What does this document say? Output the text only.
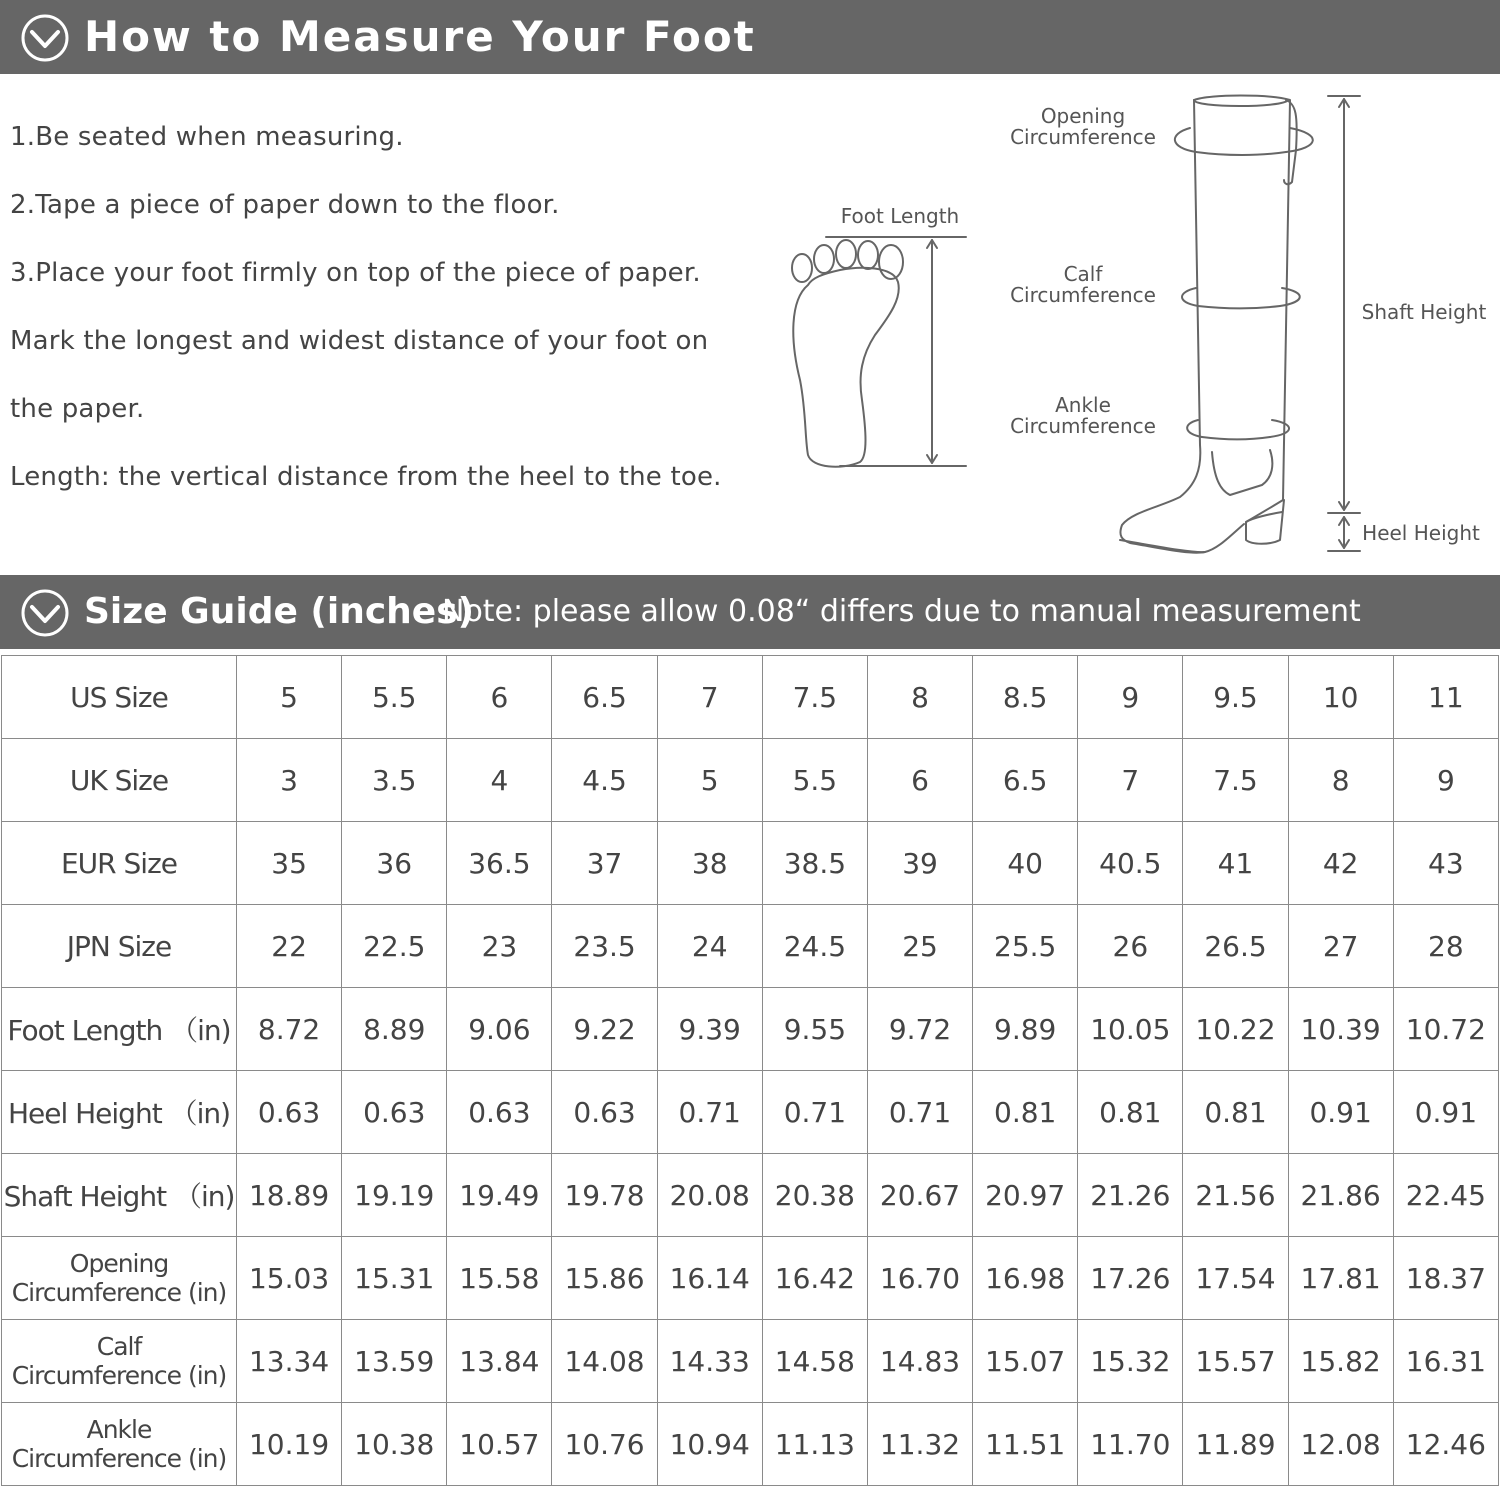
How to Measure Your Foot

1.Be seated when measuring.

2.Tape a piece of paper down to the floor.

3.Place your foot firmly on top of the piece of paper.

Mark the longest and widest distance of your foot on

the paper.

Length: the vertical distance from the heel to the toe.

Foot Length
Opening
Circumference
Calf
Circumference
Ankle
Circumference
Shaft Height
Heel Height
Size Guide (inches)
Note: please allow 0.08“ differs due to manual measurement
US Size	5	5.5	6	6.5	7	7.5	8	8.5	9	9.5	10	11

UK Size	3	3.5	4	4.5	5	5.5	6	6.5	7	7.5	8	9

EUR Size	35	36	36.5	37	38	38.5	39	40	40.5	41	42	43

JPN Size	22	22.5	23	23.5	24	24.5	25	25.5	26	26.5	27	28

Foot Length （in)	8.72	8.89	9.06	9.22	9.39	9.55	9.72	9.89	10.05	10.22	10.39	10.72

Heel Height （in)	0.63	0.63	0.63	0.63	0.71	0.71	0.71	0.81	0.81	0.81	0.91	0.91

Shaft Height （in)	18.89	19.19	19.49	19.78	20.08	20.38	20.67	20.97	21.26	21.56	21.86	22.45

Opening
Circumference (in)	15.03	15.31	15.58	15.86	16.14	16.42	16.70	16.98	17.26	17.54	17.81	18.37

Calf
Circumference (in)	13.34	13.59	13.84	14.08	14.33	14.58	14.83	15.07	15.32	15.57	15.82	16.31

Ankle
Circumference (in)	10.19	10.38	10.57	10.76	10.94	11.13	11.32	11.51	11.70	11.89	12.08	12.46
